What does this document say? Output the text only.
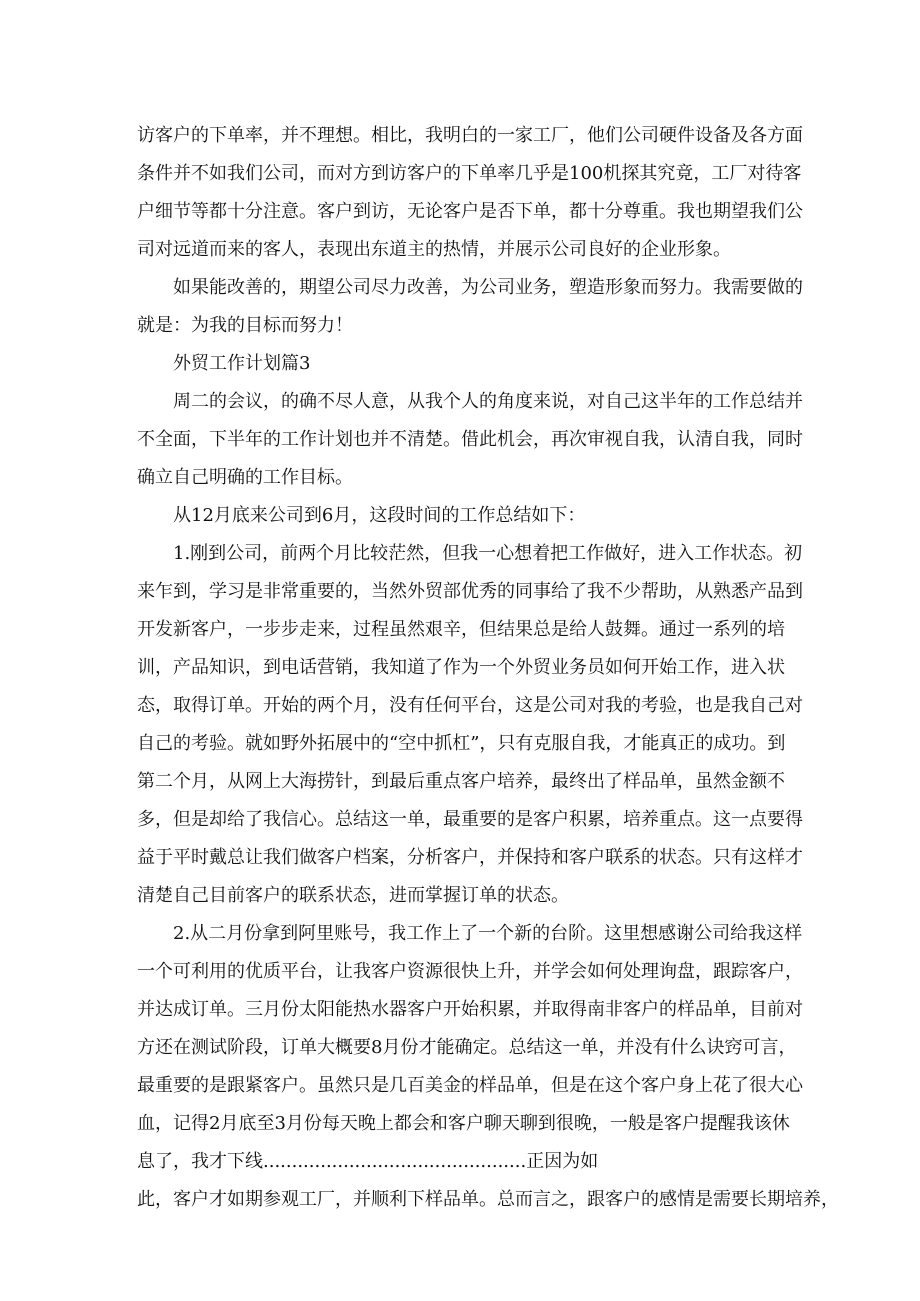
访客户的下单率，并不理想。相比，我明白的一家工厂，他们公司硬件设备及各方面
条件并不如我们公司，而对方到访客户的下单率几乎是100机探其究竟，工厂对待客
户细节等都十分注意。客户到访，无论客户是否下单，都十分尊重。我也期望我们公
司对远道而来的客人，表现出东道主的热情，并展示公司良好的企业形象。
如果能改善的，期望公司尽力改善，为公司业务，塑造形象而努力。我需要做的
就是：为我的目标而努力！
外贸工作计划篇3
周二的会议，的确不尽人意，从我个人的角度来说，对自己这半年的工作总结并
不全面，下半年的工作计划也并不清楚。借此机会，再次审视自我，认清自我，同时
确立自己明确的工作目标。
从12月底来公司到6月，这段时间的工作总结如下：
1.刚到公司，前两个月比较茫然，但我一心想着把工作做好，进入工作状态。初
来乍到，学习是非常重要的，当然外贸部优秀的同事给了我不少帮助，从熟悉产品到
开发新客户，一步步走来，过程虽然艰辛，但结果总是给人鼓舞。通过一系列的培
训，产品知识，到电话营销，我知道了作为一个外贸业务员如何开始工作，进入状
态，取得订单。开始的两个月，没有任何平台，这是公司对我的考验，也是我自己对
自己的考验。就如野外拓展中的“空中抓杠”，只有克服自我，才能真正的成功。到
第二个月，从网上大海捞针，到最后重点客户培养，最终出了样品单，虽然金额不
多，但是却给了我信心。总结这一单，最重要的是客户积累，培养重点。这一点要得
益于平时戴总让我们做客户档案，分析客户，并保持和客户联系的状态。只有这样才
清楚自己目前客户的联系状态，进而掌握订单的状态。
2.从二月份拿到阿里账号，我工作上了一个新的台阶。这里想感谢公司给我这样
一个可利用的优质平台，让我客户资源很快上升，并学会如何处理询盘，跟踪客户，
并达成订单。三月份太阳能热水器客户开始积累，并取得南非客户的样品单，目前对
方还在测试阶段，订单大概要8月份才能确定。总结这一单，并没有什么诀窍可言，
最重要的是跟紧客户。虽然只是几百美金的样品单，但是在这个客户身上花了很大心
血，记得2月底至3月份每天晚上都会和客户聊天聊到很晚，一般是客户提醒我该休
息了，我才下线..............................................正因为如
此，客户才如期参观工厂，并顺利下样品单。总而言之，跟客户的感情是需要长期培养，
